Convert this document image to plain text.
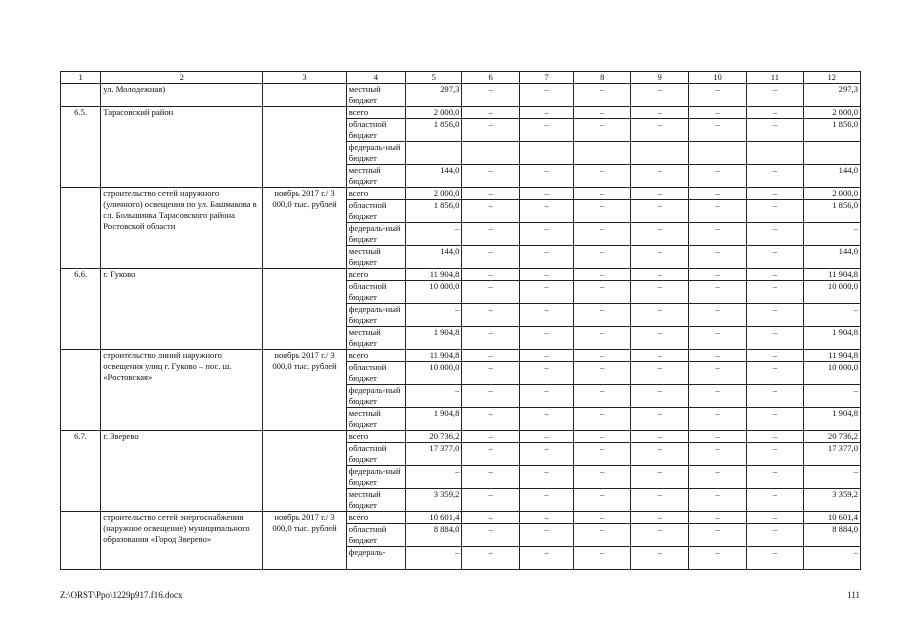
1	2	3	4	5	6	7	8	9	10	11	12
	ул. Молодежная)		местный бюджет	297,3	–	–	–	–	–	–	297,3
6.5.	Тарасовский район		всего	2 000,0	–	–	–	–	–	–	2 000,0
			областной бюджет	1 856,0	–	–	–	–	–	–	1 856,0
			федераль-ный бюджет								
			местный бюджет	144,0	–	–	–	–	–	–	144,0
	строительство сетей наружного (уличного) освещения по ул. Башмакова в сл. Большинка Тарасовского района Ростовской области	ноябрь 2017 г./ 3 000,0 тыс. рублей	всего	2 000,0	–	–	–	–	–	–	2 000,0
			областной бюджет	1 856,0	–	–	–	–	–	–	1 856,0
			федераль-ный бюджет	–	–	–	–	–	–	–	–
			местный бюджет	144,0	–	–	–	–	–	–	144,0
6.6.	г. Гуково		всего	11 904,8	–	–	–	–	–	–	11 904,8
			областной бюджет	10 000,0	–	–	–	–	–	–	10 000,0
			федераль-ный бюджет	–	–	–	–	–	–	–	–
			местный бюджет	1 904,8	–	–	–	–	–	–	1 904,8
	строительство линий наружного освещения улиц г. Гуково – пос. ш. «Ростовская»	ноябрь 2017 г./ 3 000,0 тыс. рублей	всего	11 904,8	–	–	–	–	–	–	11 904,8
			областной бюджет	10 000,0	–	–	–	–	–	–	10 000,0
			федераль-ный бюджет	–	–	–	–	–	–	–	–
			местный бюджет	1 904,8	–	–	–	–	–	–	1 904,8
6.7.	г. Зверево		всего	20 736,2	–	–	–	–	–	–	20 736,2
			областной бюджет	17 377,0	–	–	–	–	–	–	17 377,0
			федераль-ный бюджет	–	–	–	–	–	–	–	–
			местный бюджет	3 359,2	–	–	–	–	–	–	3 359,2
	строительство сетей энергоснабжения (наружное освещение) муниципального образования «Город Зверево»	ноябрь 2017 г./ 3 000,0 тыс. рублей	всего	10 601,4	–	–	–	–	–	–	10 601,4
			областной бюджет	8 884,0	–	–	–	–	–	–	8 884,0
			федераль-	–	–	–	–	–	–	–	–
Z:\ORST\Ppo\1229p917.f16.docx	111
